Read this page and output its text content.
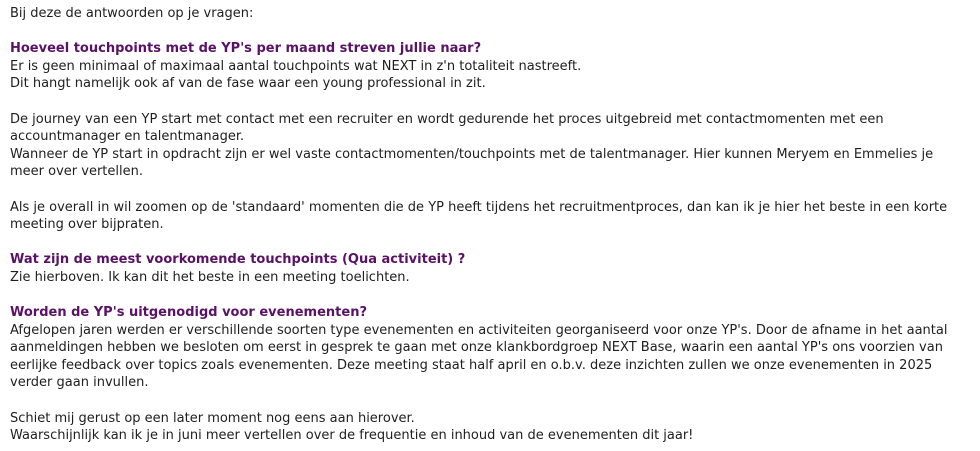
Bij deze de antwoorden op je vragen:

Hoeveel touchpoints met de YP's per maand streven jullie naar?

Er is geen minimaal of maximaal aantal touchpoints wat NEXT in z'n totaliteit nastreeft.

Dit hangt namelijk ook af van de fase waar een young professional in zit.

De journey van een YP start met contact met een recruiter en wordt gedurende het proces uitgebreid met contactmomenten met een accountmanager en talentmanager.

Wanneer de YP start in opdracht zijn er wel vaste contactmomenten/touchpoints met de talentmanager. Hier kunnen Meryem en Emmelies je meer over vertellen.

Als je overall in wil zoomen op de 'standaard' momenten die de YP heeft tijdens het recruitmentproces, dan kan ik je hier het beste in een korte meeting over bijpraten.

Wat zijn de meest voorkomende touchpoints (Qua activiteit) ?

Zie hierboven. Ik kan dit het beste in een meeting toelichten.

Worden de YP's uitgenodigd voor evenementen?

Afgelopen jaren werden er verschillende soorten type evenementen en activiteiten georganiseerd voor onze YP's. Door de afname in het aantal aanmeldingen hebben we besloten om eerst in gesprek te gaan met onze klankbordgroep NEXT Base, waarin een aantal YP's ons voorzien van eerlijke feedback over topics zoals evenementen. Deze meeting staat half april en o.b.v. deze inzichten zullen we onze evenementen in 2025 verder gaan invullen.

Schiet mij gerust op een later moment nog eens aan hierover.

Waarschijnlijk kan ik je in juni meer vertellen over de frequentie en inhoud van de evenementen dit jaar!
